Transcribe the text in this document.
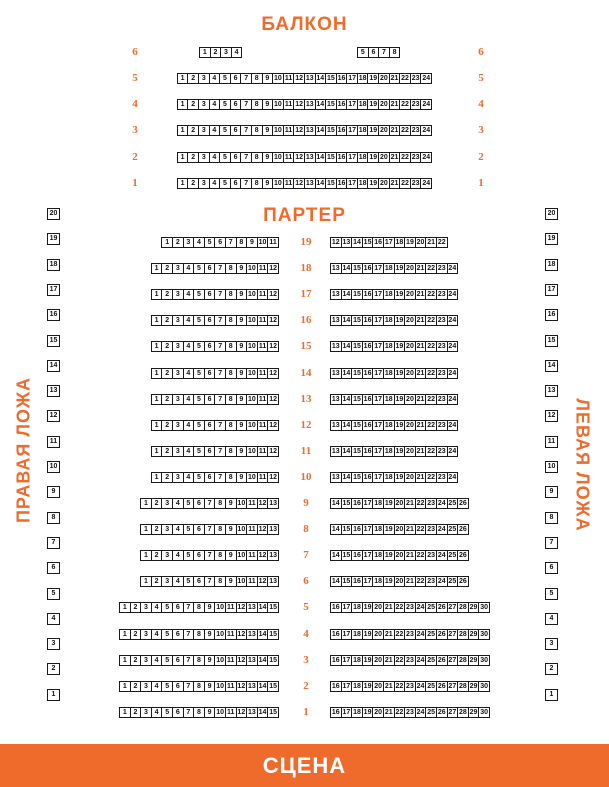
БАЛКОН
6	6
1 2 3 4	5 6 7 8
5	5
1 2 3 4 5 6 7 8 9 10 11 12 13 14 15 16 17 18 19 20 21 22 23 24
4	4
1 2 3 4 5 6 7 8 9 10 11 12 13 14 15 16 17 18 19 20 21 22 23 24
3	3
1 2 3 4 5 6 7 8 9 10 11 12 13 14 15 16 17 18 19 20 21 22 23 24
2	2
1 2 3 4 5 6 7 8 9 10 11 12 13 14 15 16 17 18 19 20 21 22 23 24
1	1
1 2 3 4 5 6 7 8 9 10 11 12 13 14 15 16 17 18 19 20 21 22 23 24
ПАРТЕР
19
1 2 3 4 5 6 7 8 9 10 11	12 13 14 15 16 17 18 19 20 21 22
18
1 2 3 4 5 6 7 8 9 10 11 12	13 14 15 16 17 18 19 20 21 22 23 24
17
1 2 3 4 5 6 7 8 9 10 11 12	13 14 15 16 17 18 19 20 21 22 23 24
16
1 2 3 4 5 6 7 8 9 10 11 12	13 14 15 16 17 18 19 20 21 22 23 24
15
1 2 3 4 5 6 7 8 9 10 11 12	13 14 15 16 17 18 19 20 21 22 23 24
14
1 2 3 4 5 6 7 8 9 10 11 12	13 14 15 16 17 18 19 20 21 22 23 24
13
1 2 3 4 5 6 7 8 9 10 11 12	13 14 15 16 17 18 19 20 21 22 23 24
12
1 2 3 4 5 6 7 8 9 10 11 12	13 14 15 16 17 18 19 20 21 22 23 24
11
1 2 3 4 5 6 7 8 9 10 11 12	13 14 15 16 17 18 19 20 21 22 23 24
10
1 2 3 4 5 6 7 8 9 10 11 12	13 14 15 16 17 18 19 20 21 22 23 24
9
1 2 3 4 5 6 7 8 9 10 11 12 13	14 15 16 17 18 19 20 21 22 23 24 25 26
8
1 2 3 4 5 6 7 8 9 10 11 12 13	14 15 16 17 18 19 20 21 22 23 24 25 26
7
1 2 3 4 5 6 7 8 9 10 11 12 13	14 15 16 17 18 19 20 21 22 23 24 25 26
6
1 2 3 4 5 6 7 8 9 10 11 12 13	14 15 16 17 18 19 20 21 22 23 24 25 26
5
1 2 3 4 5 6 7 8 9 10 11 12 13 14 15	16 17 18 19 20 21 22 23 24 25 26 27 28 29 30
4
1 2 3 4 5 6 7 8 9 10 11 12 13 14 15	16 17 18 19 20 21 22 23 24 25 26 27 28 29 30
3
1 2 3 4 5 6 7 8 9 10 11 12 13 14 15	16 17 18 19 20 21 22 23 24 25 26 27 28 29 30
2
1 2 3 4 5 6 7 8 9 10 11 12 13 14 15	16 17 18 19 20 21 22 23 24 25 26 27 28 29 30
1
1 2 3 4 5 6 7 8 9 10 11 12 13 14 15	16 17 18 19 20 21 22 23 24 25 26 27 28 29 30
20	20
19	19
18	18
17	17
16	16
15	15
14	14
13	13
12	12
11	11
10	10
9	9
8	8
7	7
6	6
5	5
4	4
3	3
2	2
1	1
ПРАВАЯ ЛОЖА	ЛЕВАЯ ЛОЖА
СЦЕНА
